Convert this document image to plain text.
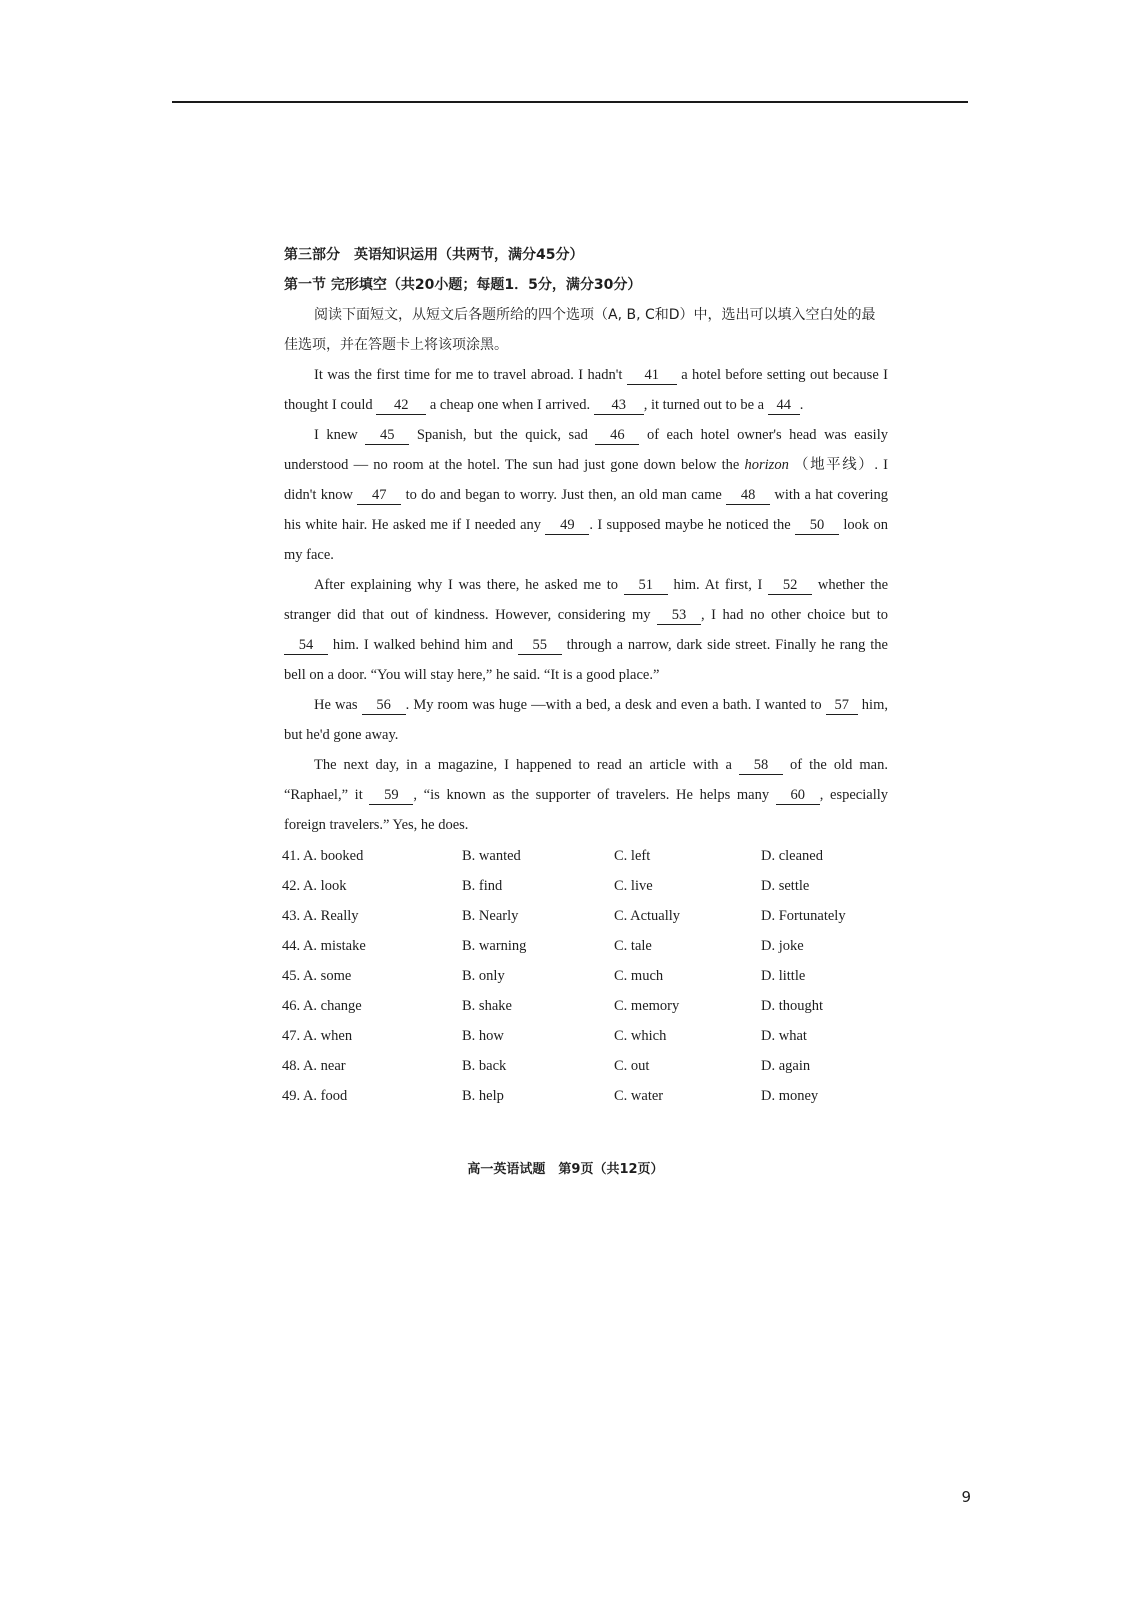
第三部分　英语知识运用（共两节，满分45分）
第一节 完形填空（共20小题；每题1．5分，满分30分）

阅读下面短文，从短文后各题所给的四个选项（A, B, C和D）中，选出可以填入空白处的最佳选项，并在答题卡上将该项涂黑。

It was the first time for me to travel abroad. I hadn't 41 a hotel before setting out because I thought I could 42 a cheap one when I arrived. 43 , it turned out to be a 44 .

I knew 45 Spanish, but the quick, sad 46 of each hotel owner's head was easily understood — no room at the hotel. The sun had just gone down below the horizon （地平线）. I didn't know 47 to do and began to worry. Just then, an old man came 48 with a hat covering his white hair. He asked me if I needed any 49 . I supposed maybe he noticed the 50 look on my face.

After explaining why I was there, he asked me to 51 him. At first, I 52 whether the stranger did that out of kindness. However, considering my 53 , I had no other choice but to 54 him. I walked behind him and 55 through a narrow, dark side street. Finally he rang the bell on a door. “You will stay here,” he said. “It is a good place.”

He was 56 . My room was huge —with a bed, a desk and even a bath. I wanted to 57 him, but he'd gone away.

The next day, in a magazine, I happened to read an article with a 58 of the old man. “Raphael,” it 59 , “is known as the supporter of travelers. He helps many 60 , especially foreign travelers.” Yes, he does.

41. A. booked	B. wanted	C. left	D. cleaned
42. A. look	B. find	C. live	D. settle
43. A. Really	B. Nearly	C. Actually	D. Fortunately
44. A. mistake	B. warning	C. tale	D. joke
45. A. some	B. only	C. much	D. little
46. A. change	B. shake	C. memory	D. thought
47. A. when	B. how	C. which	D. what
48. A. near	B. back	C. out	D. again
49. A. food	B. help	C. water	D. money
高一英语试题　第9页（共12页）
9
